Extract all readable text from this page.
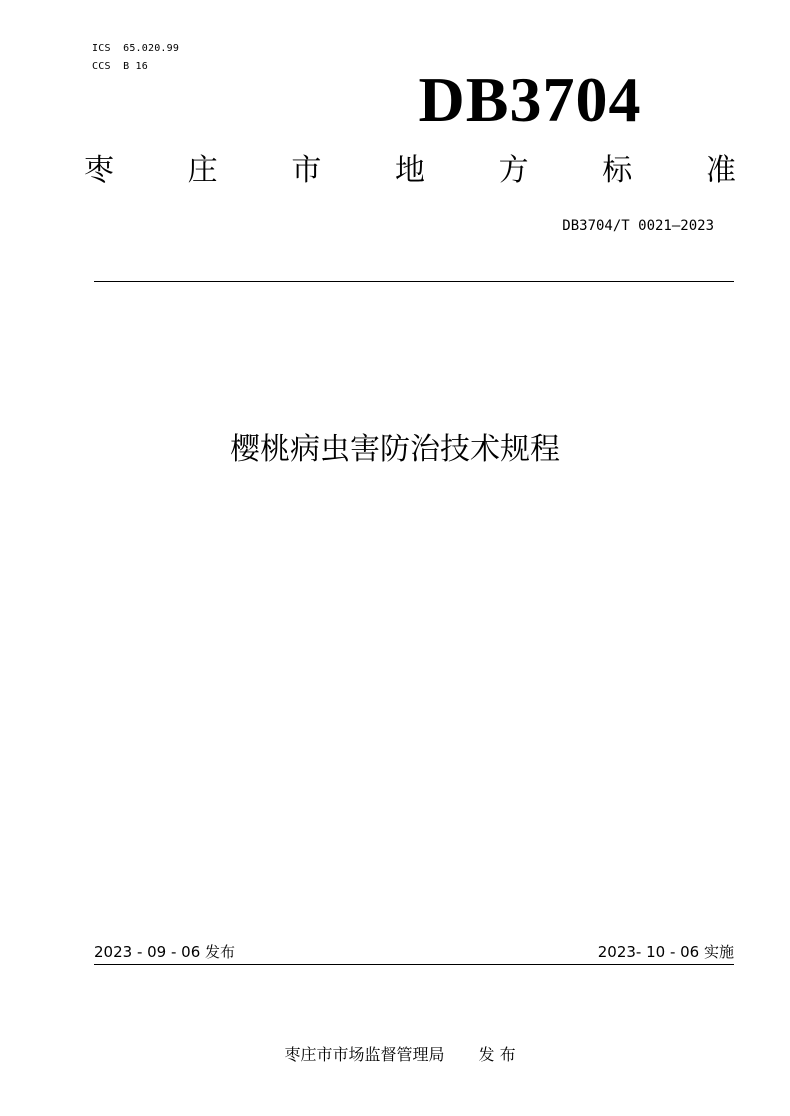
ICS  65.020.99
CCS  B 16	DB3704
枣 庄 市 地 方 标 准
DB3704/T 0021—2023
樱桃病虫害防治技术规程
2023 - 09 - 06 发布	2023- 10 - 06 实施

枣庄市市场监督管理局 发 布
